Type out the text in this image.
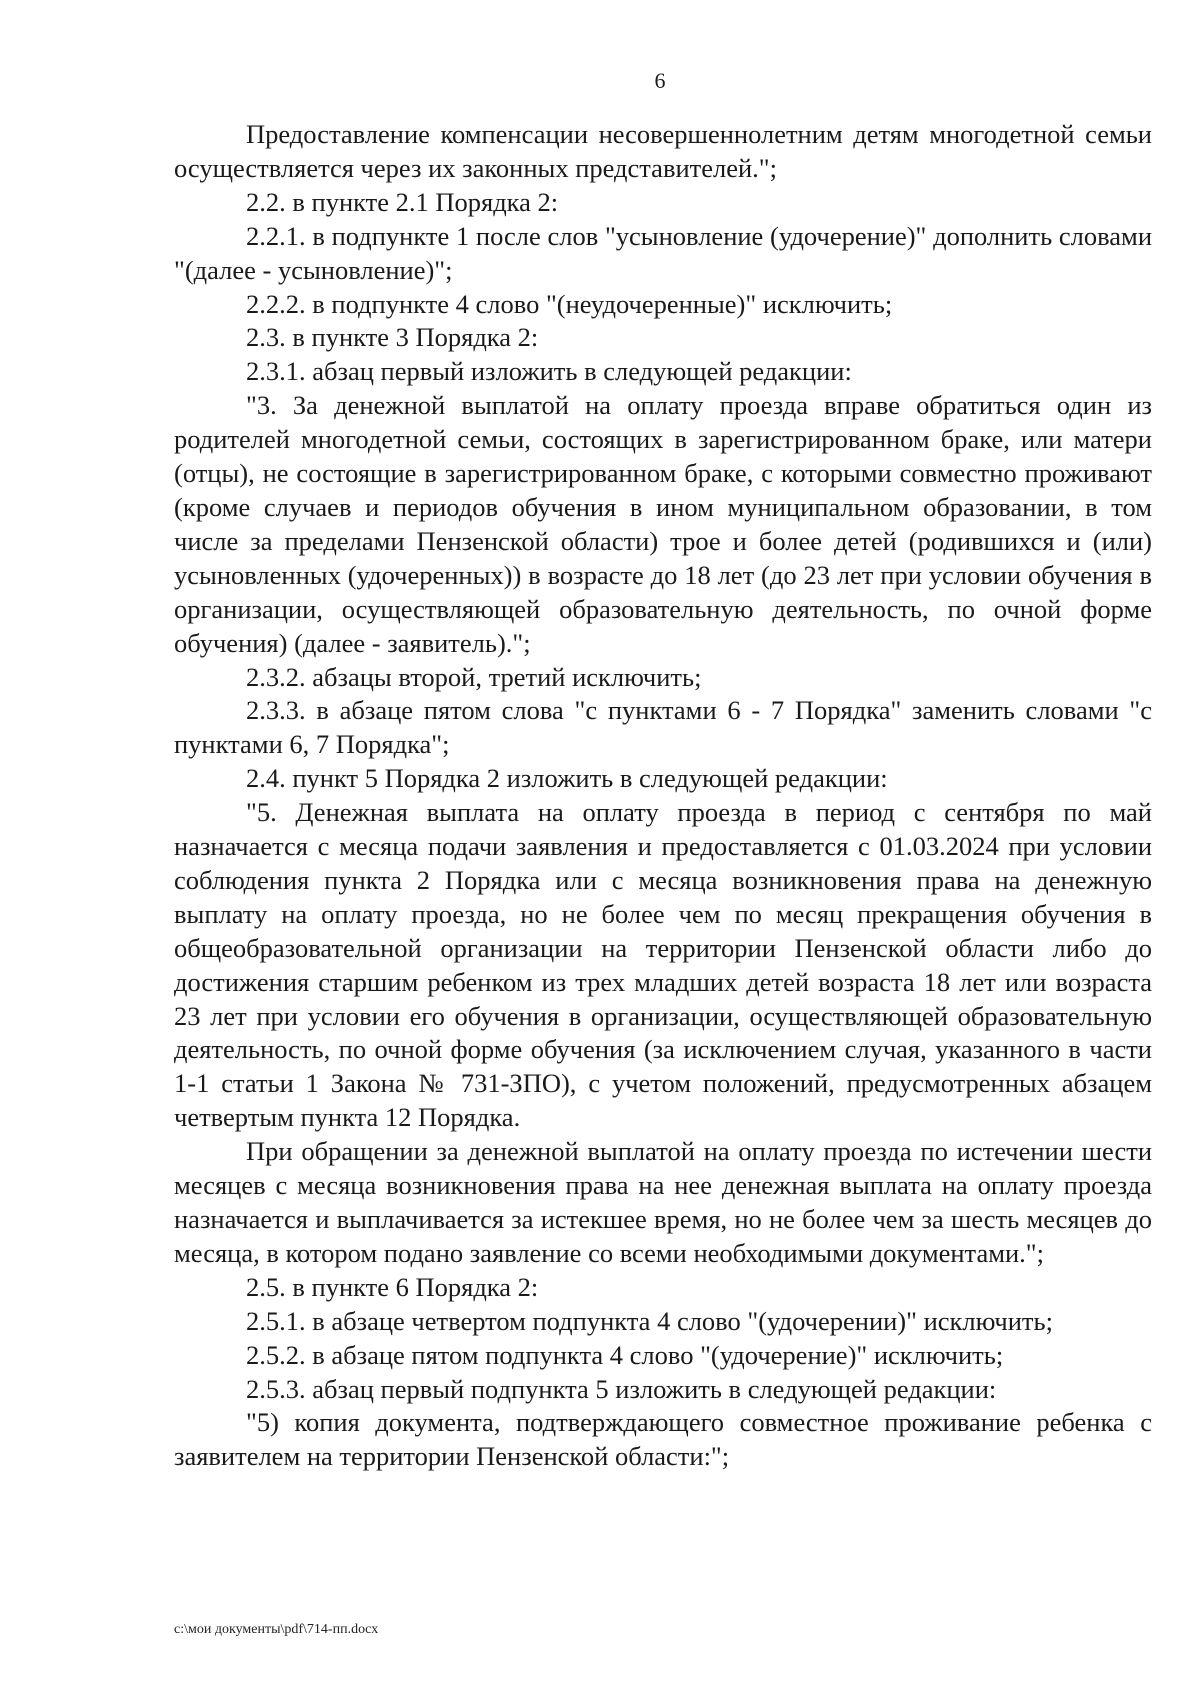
6

Предоставление компенсации несовершеннолетним детям многодетной семьи осуществляется через их законных представителей.";

2.2. в пункте 2.1 Порядка 2:

2.2.1. в подпункте 1 после слов "усыновление (удочерение)" дополнить словами "(далее - усыновление)";

2.2.2. в подпункте 4 слово "(неудочеренные)" исключить;

2.3. в пункте 3 Порядка 2:

2.3.1. абзац первый изложить в следующей редакции:

"3. За денежной выплатой на оплату проезда вправе обратиться один из родителей многодетной семьи, состоящих в зарегистрированном браке, или матери (отцы), не состоящие в зарегистрированном браке, с которыми совместно проживают (кроме случаев и периодов обучения в ином муниципальном образовании, в том числе за пределами Пензенской области) трое и более детей (родившихся и (или) усыновленных (удочеренных)) в возрасте до 18 лет (до 23 лет при условии обучения в организации, осуществляющей образовательную деятельность, по очной форме обучения) (далее - заявитель).";

2.3.2. абзацы второй, третий исключить;

2.3.3. в абзаце пятом слова "с пунктами 6 - 7 Порядка" заменить словами "с пунктами 6, 7 Порядка";

2.4. пункт 5 Порядка 2 изложить в следующей редакции:

"5. Денежная выплата на оплату проезда в период с сентября по май назначается с месяца подачи заявления и предоставляется с 01.03.2024 при условии соблюдения пункта 2 Порядка или с месяца возникновения права на денежную выплату на оплату проезда, но не более чем по месяц прекращения обучения в общеобразовательной организации на территории Пензенской области либо до достижения старшим ребенком из трех младших детей возраста 18 лет или возраста 23 лет при условии его обучения в организации, осуществляющей образовательную деятельность, по очной форме обучения (за исключением случая, указанного в части 1-1 статьи 1 Закона № 731-ЗПО), с учетом положений, предусмотренных абзацем четвертым пункта 12 Порядка.

При обращении за денежной выплатой на оплату проезда по истечении шести месяцев с месяца возникновения права на нее денежная выплата на оплату проезда назначается и выплачивается за истекшее время, но не более чем за шесть месяцев до месяца, в котором подано заявление со всеми необходимыми документами.";

2.5. в пункте 6 Порядка 2:

2.5.1. в абзаце четвертом подпункта 4 слово "(удочерении)" исключить;

2.5.2. в абзаце пятом подпункта 4 слово "(удочерение)" исключить;

2.5.3. абзац первый подпункта 5 изложить в следующей редакции:

"5) копия документа, подтверждающего совместное проживание ребенка с заявителем на территории Пензенской области:";

c:\мои документы\pdf\714-пп.docx
